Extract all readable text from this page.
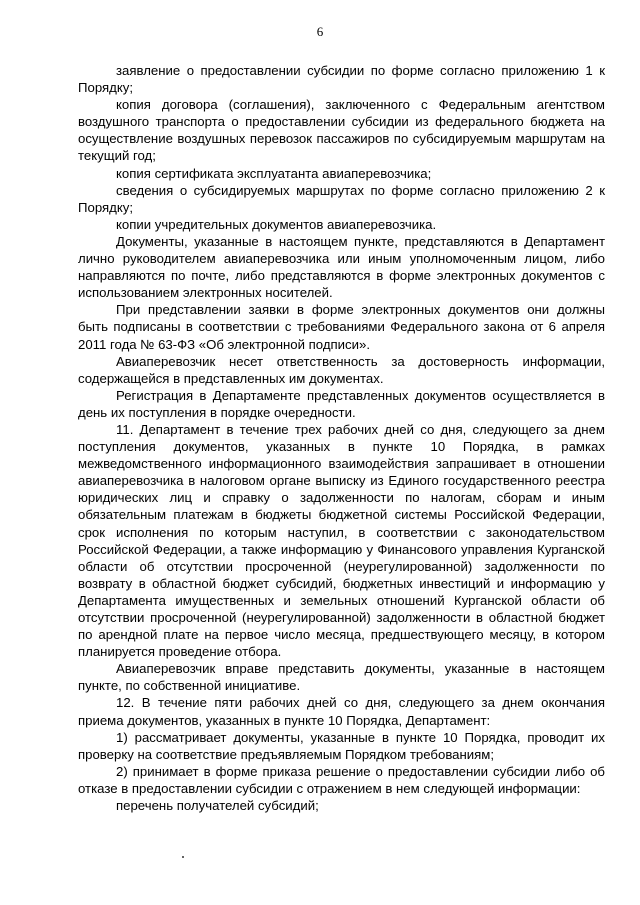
6

заявление о предоставлении субсидии по форме согласно приложению 1 к Порядку;

копия договора (соглашения), заключенного с Федеральным агентством воздушного транспорта о предоставлении субсидии из федерального бюджета на осуществление воздушных перевозок пассажиров по субсидируемым маршрутам на текущий год;

копия сертификата эксплуатанта авиаперевозчика;

сведения о субсидируемых маршрутах по форме согласно приложению 2 к Порядку;

копии учредительных документов авиаперевозчика.

Документы, указанные в настоящем пункте, представляются в Департамент лично руководителем авиаперевозчика или иным уполномоченным лицом, либо направляются по почте, либо представляются в форме электронных документов с использованием электронных носителей.

При представлении заявки в форме электронных документов они должны быть подписаны в соответствии с требованиями Федерального закона от 6 апреля 2011 года № 63-ФЗ «Об электронной подписи».

Авиаперевозчик несет ответственность за достоверность информации, содержащейся в представленных им документах.

Регистрация в Департаменте представленных документов осуществляется в день их поступления в порядке очередности.

11. Департамент в течение трех рабочих дней со дня, следующего за днем поступления документов, указанных в пункте 10 Порядка, в рамках межведомственного информационного взаимодействия запрашивает в отношении авиаперевозчика в налоговом органе выписку из Единого государственного реестра юридических лиц и справку о задолженности по налогам, сборам и иным обязательным платежам в бюджеты бюджетной системы Российской Федерации, срок исполнения по которым наступил, в соответствии с законодательством Российской Федерации, а также информацию у Финансового управления Курганской области об отсутствии просроченной (неурегулированной) задолженности по возврату в областной бюджет субсидий, бюджетных инвестиций и информацию у Департамента имущественных и земельных отношений Курганской области об отсутствии просроченной (неурегулированной) задолженности в областной бюджет по арендной плате на первое число месяца, предшествующего месяцу, в котором планируется проведение отбора.

Авиаперевозчик вправе представить документы, указанные в настоящем пункте, по собственной инициативе.

12. В течение пяти рабочих дней со дня, следующего за днем окончания приема документов, указанных в пункте 10 Порядка, Департамент:

1) рассматривает документы, указанные в пункте 10 Порядка, проводит их проверку на соответствие предъявляемым Порядком требованиям;

2) принимает в форме приказа решение о предоставлении субсидии либо об отказе в предоставлении субсидии с отражением в нем следующей информации:

перечень получателей субсидий;
